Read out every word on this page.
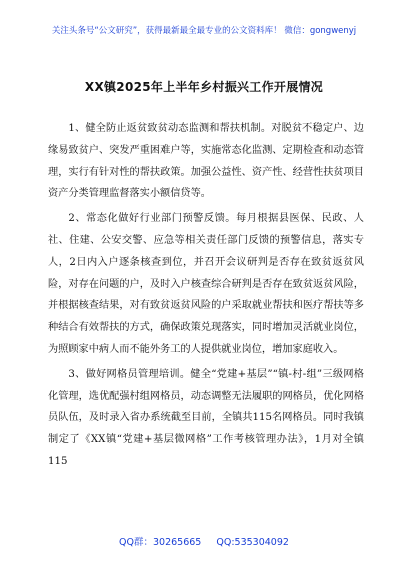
关注头条号“公文研究”，获得最新最全最专业的公文资料库！ 微信：gongwenyj
XX镇2025年上半年乡村振兴工作开展情况

1、健全防止返贫致贫动态监测和帮扶机制。对脱贫不稳定户、边缘易致贫户、突发严重困难户等，实施常态化监测、定期检查和动态管理，实行有针对性的帮扶政策。加强公益性、资产性、经营性扶贫项目资产分类管理监督落实小额信贷等。

2、常态化做好行业部门预警反馈。每月根据县医保、民政、人社、住建、公安交警、应急等相关责任部门反馈的预警信息，落实专人，2日内入户逐条核查到位，并召开会议研判是否存在致贫返贫风险，对存在问题的户，及时入户核查综合研判是否存在致贫返贫风险，并根据核查结果，对有致贫返贫风险的户采取就业帮扶和医疗帮扶等多种结合有效帮扶的方式，确保政策兑现落实，同时增加灵活就业岗位，为照顾家中病人而不能外务工的人提供就业岗位，增加家庭收入。

3、做好网格员管理培训。健全“党建+基层”“镇-村-组”三级网格化管理，选优配强村组网格员，动态调整无法履职的网格员，优化网格员队伍，及时录入省办系统截至目前，全镇共115名网格员。同时我镇制定了《XX镇“党建+基层微网格”工作考核管理办法》，1月对全镇115

QQ群：30265665 QQ:535304092
